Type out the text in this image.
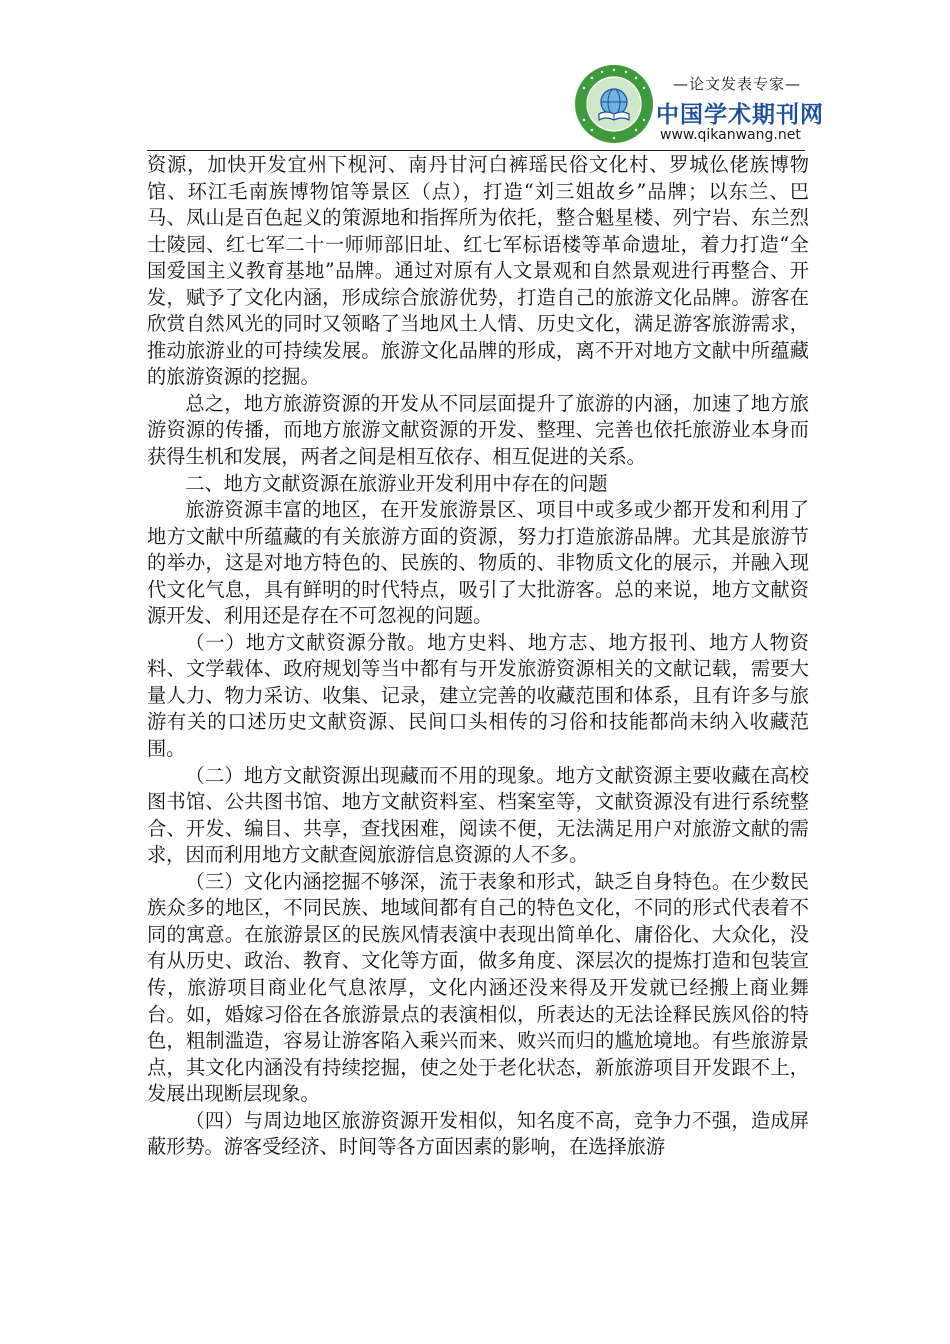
—论文发表专家—
中国学术期刊网
www.qikanwang.net

资源，加快开发宜州下枧河、南丹甘河白裤瑶民俗文化村、罗城仫佬族博物馆、环江毛南族博物馆等景区（点），打造“刘三姐故乡”品牌；以东兰、巴马、凤山是百色起义的策源地和指挥所为依托，整合魁星楼、列宁岩、东兰烈士陵园、红七军二十一师师部旧址、红七军标语楼等革命遗址，着力打造“全国爱国主义教育基地”品牌。通过对原有人文景观和自然景观进行再整合、开发，赋予了文化内涵，形成综合旅游优势，打造自己的旅游文化品牌。游客在欣赏自然风光的同时又领略了当地风土人情、历史文化，满足游客旅游需求，推动旅游业的可持续发展。旅游文化品牌的形成，离不开对地方文献中所蕴藏的旅游资源的挖掘。

总之，地方旅游资源的开发从不同层面提升了旅游的内涵，加速了地方旅游资源的传播，而地方旅游文献资源的开发、整理、完善也依托旅游业本身而获得生机和发展，两者之间是相互依存、相互促进的关系。

二、地方文献资源在旅游业开发利用中存在的问题

旅游资源丰富的地区，在开发旅游景区、项目中或多或少都开发和利用了地方文献中所蕴藏的有关旅游方面的资源，努力打造旅游品牌。尤其是旅游节的举办，这是对地方特色的、民族的、物质的、非物质文化的展示，并融入现代文化气息，具有鲜明的时代特点，吸引了大批游客。总的来说，地方文献资源开发、利用还是存在不可忽视的问题。

（一）地方文献资源分散。地方史料、地方志、地方报刊、地方人物资料、文学载体、政府规划等当中都有与开发旅游资源相关的文献记载，需要大量人力、物力采访、收集、记录，建立完善的收藏范围和体系，且有许多与旅游有关的口述历史文献资源、民间口头相传的习俗和技能都尚未纳入收藏范围。

（二）地方文献资源出现藏而不用的现象。地方文献资源主要收藏在高校图书馆、公共图书馆、地方文献资料室、档案室等，文献资源没有进行系统整合、开发、编目、共享，查找困难，阅读不便，无法满足用户对旅游文献的需求，因而利用地方文献查阅旅游信息资源的人不多。

（三）文化内涵挖掘不够深，流于表象和形式，缺乏自身特色。在少数民族众多的地区，不同民族、地域间都有自己的特色文化，不同的形式代表着不同的寓意。在旅游景区的民族风情表演中表现出简单化、庸俗化、大众化，没有从历史、政治、教育、文化等方面，做多角度、深层次的提炼打造和包装宣传，旅游项目商业化气息浓厚，文化内涵还没来得及开发就已经搬上商业舞台。如，婚嫁习俗在各旅游景点的表演相似，所表达的无法诠释民族风俗的特色，粗制滥造，容易让游客陷入乘兴而来、败兴而归的尴尬境地。有些旅游景点，其文化内涵没有持续挖掘，使之处于老化状态，新旅游项目开发跟不上，发展出现断层现象。

（四）与周边地区旅游资源开发相似，知名度不高，竞争力不强，造成屏蔽形势。游客受经济、时间等各方面因素的影响，在选择旅游
